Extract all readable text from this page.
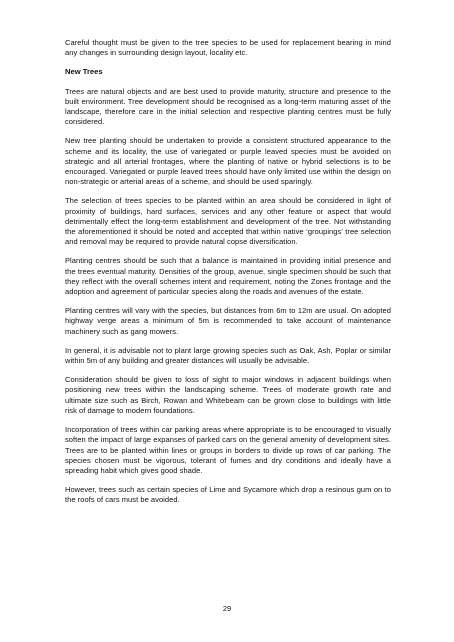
Careful thought must be given to the tree species to be used for replacement bearing in mind any changes in surrounding design layout, locality etc.

New Trees

Trees are natural objects and are best used to provide maturity, structure and presence to the built environment. Tree development should be recognised as a long-term maturing asset of the landscape, therefore care in the initial selection and respective planting centres must be fully considered.

New tree planting should be undertaken to provide a consistent structured appearance to the scheme and its locality, the use of variegated or purple leaved species must be avoided on strategic and all arterial frontages, where the planting of native or hybrid selections is to be encouraged. Variegated or purple leaved trees should have only limited use within the design on non-strategic or arterial areas of a scheme, and should be used sparingly.

The selection of trees species to be planted within an area should be considered in light of proximity of buildings, hard surfaces, services and any other feature or aspect that would detrimentally effect the long-term establishment and development of the tree. Not withstanding the aforementioned it should be noted and accepted that within native ‘groupings’ tree selection and removal may be required to provide natural copse diversification.

Planting centres should be such that a balance is maintained in providing initial presence and the trees eventual maturity. Densities of the group, avenue, single specimen should be such that they reflect with the overall schemes intent and requirement, noting the Zones frontage and the adoption and agreement of particular species along the roads and avenues of the estate.

Planting centres will vary with the species, but distances from 6m to 12m are usual. On adopted highway verge areas a minimum of 5m is recommended to take account of maintenance machinery such as gang mowers.

In general, it is advisable not to plant large growing species such as Oak, Ash, Poplar or similar within 5m of any building and greater distances will usually be advisable.

Consideration should be given to loss of sight to major windows in adjacent buildings when positioning new trees within the landscaping scheme. Trees of moderate growth rate and ultimate size such as Birch, Rowan and Whitebeam can be grown close to buildings with little risk of damage to modern foundations.

Incorporation of trees within car parking areas where appropriate is to be encouraged to visually soften the impact of large expanses of parked cars on the general amenity of development sites. Trees are to be planted within lines or groups in borders to divide up rows of car parking. The species chosen must be vigorous, tolerant of fumes and dry conditions and ideally have a spreading habit which gives good shade.

However, trees such as certain species of Lime and Sycamore which drop a resinous gum on to the roofs of cars must be avoided.

29
